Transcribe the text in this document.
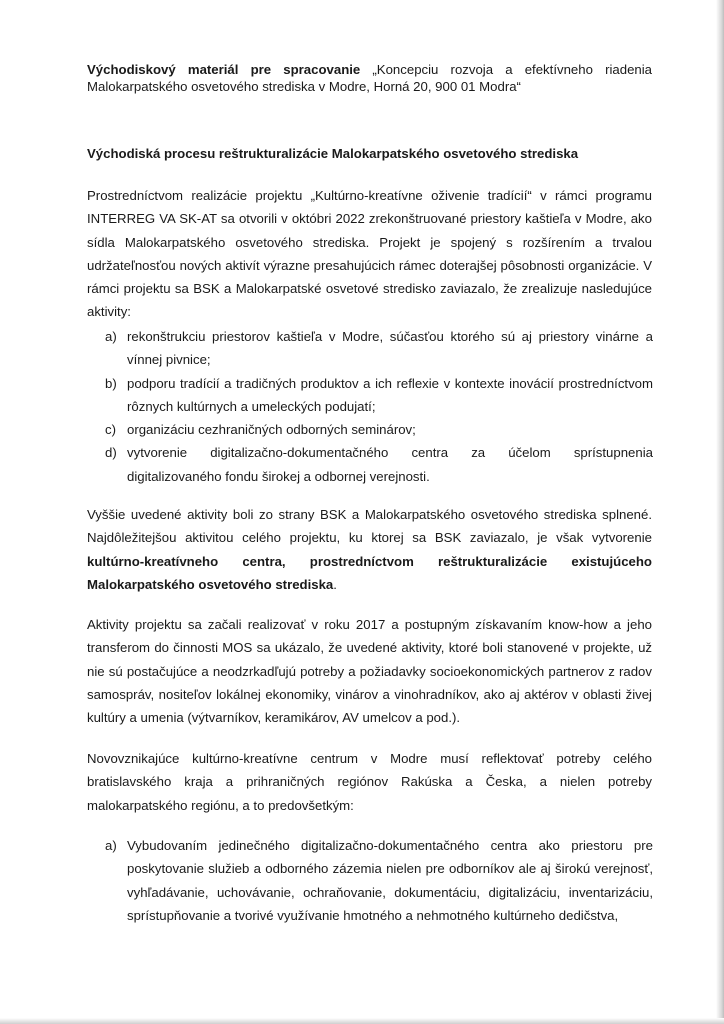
Východiskový materiál pre spracovanie „Koncepciu rozvoja a efektívneho riadenia Malokarpatského osvetového strediska v Modre, Horná 20, 900 01 Modra“
Východiská procesu reštrukturalizácie Malokarpatského osvetového strediska
Prostredníctvom realizácie projektu „Kultúrno-kreatívne oživenie tradícií“ v rámci programu INTERREG VA SK-AT sa otvorili v októbri 2022 zrekonštruované priestory kaštieľa v Modre, ako sídla Malokarpatského osvetového strediska. Projekt je spojený s rozšírením a trvalou udržateľnosťou nových aktivít výrazne presahujúcich rámec doterajšej pôsobnosti organizácie. V rámci projektu sa BSK a Malokarpatské osvetové stredisko zaviazalo, že zrealizuje nasledujúce aktivity:
a) rekonštrukciu priestorov kaštieľa v Modre, súčasťou ktorého sú aj priestory vinárne a vínnej pivnice;
b) podporu tradícií a tradičných produktov a ich reflexie v kontexte inovácií prostredníctvom rôznych kultúrnych a umeleckých podujatí;
c) organizáciu cezhraničných odborných seminárov;
d) vytvorenie digitalizačno-dokumentačného centra za účelom sprístupnenia digitalizovaného fondu širokej a odbornej verejnosti.
Vyššie uvedené aktivity boli zo strany BSK a Malokarpatského osvetového strediska splnené. Najdôležitejšou aktivitou celého projektu, ku ktorej sa BSK zaviazalo, je však vytvorenie kultúrno-kreatívneho centra, prostredníctvom reštrukturalizácie existujúceho Malokarpatského osvetového strediska.
Aktivity projektu sa začali realizovať v roku 2017 a postupným získavaním know-how a jeho transferom do činnosti MOS sa ukázalo, že uvedené aktivity, ktoré boli stanovené v projekte, už nie sú postačujúce a neodzrkadľujú potreby a požiadavky socioekonomických partnerov z radov samospráv, nositeľov lokálnej ekonomiky, vinárov a vinohradníkov, ako aj aktérov v oblasti živej kultúry a umenia (výtvarníkov, keramikárov, AV umelcov a pod.).
Novovznikajúce kultúrno-kreatívne centrum v Modre musí reflektovať potreby celého bratislavského kraja a prihraničných regiónov Rakúska a Česka, a nielen potreby malokarpatského regiónu, a to predovšetkým:
a) Vybudovaním jedinečného digitalizačno-dokumentačného centra ako priestoru pre poskytovanie služieb a odborného zázemia nielen pre odborníkov ale aj širokú verejnosť, vyhľadávanie, uchovávanie, ochraňovanie, dokumentáciu, digitalizáciu, inventarizáciu, sprístupňovanie a tvorivé využívanie hmotného a nehmotného kultúrneho dedičstva,
